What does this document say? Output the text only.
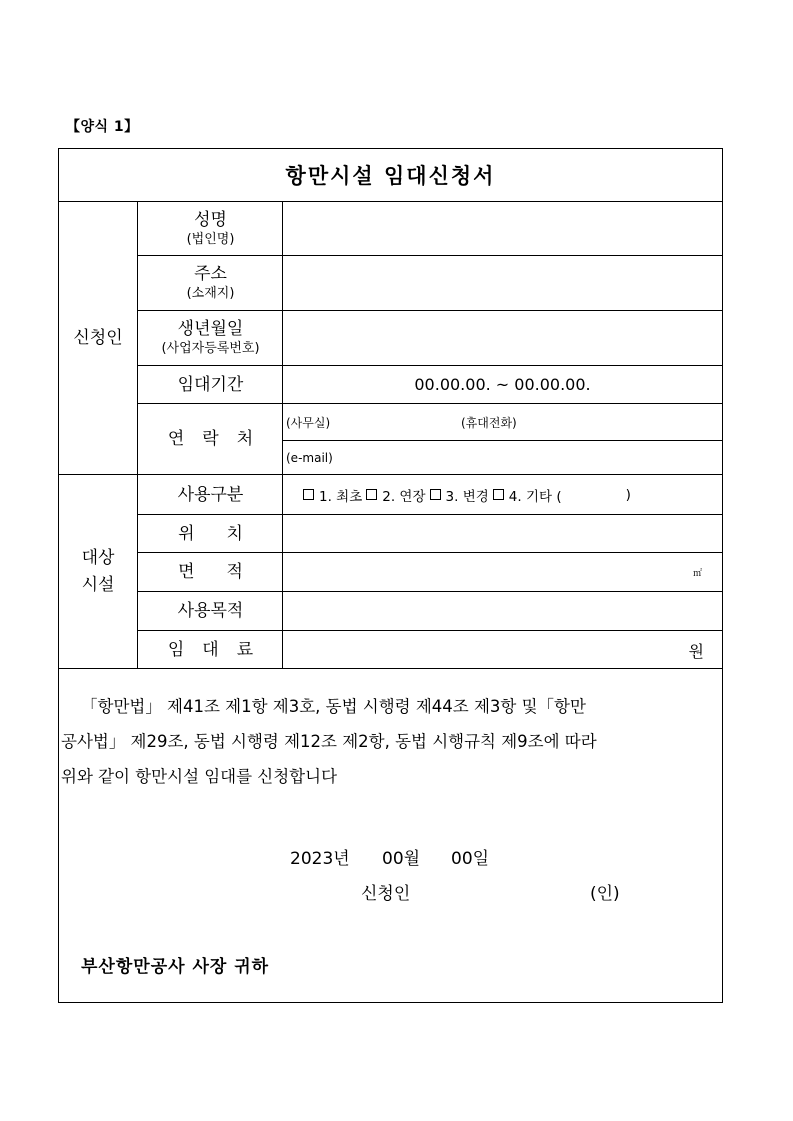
【양식 1】
항만시설 임대신청서
신청인
성명
(법인명)
주소
(소재지)
생년월일
(사업자등록번호)
임대기간	00.00.00. ~ 00.00.00.
연락처
(사무실)	(휴대전화)
(e-mail)
대상
시설
사용구분	1. 최초 2. 연장 3. 변경 4. 기타 (	)
위치
면적	㎡
사용목적
임대료	원

「항만법」 제41조 제1항 제3호, 동법 시행령 제44조 제3항 및「항만

공사법」 제29조, 동법 시행령 제12조 제2항, 동법 시행규칙 제9조에 따라

위와 같이 항만시설 임대를 신청합니다

2023년 00월 00일
신청인	(인)
부산항만공사 사장 귀하
